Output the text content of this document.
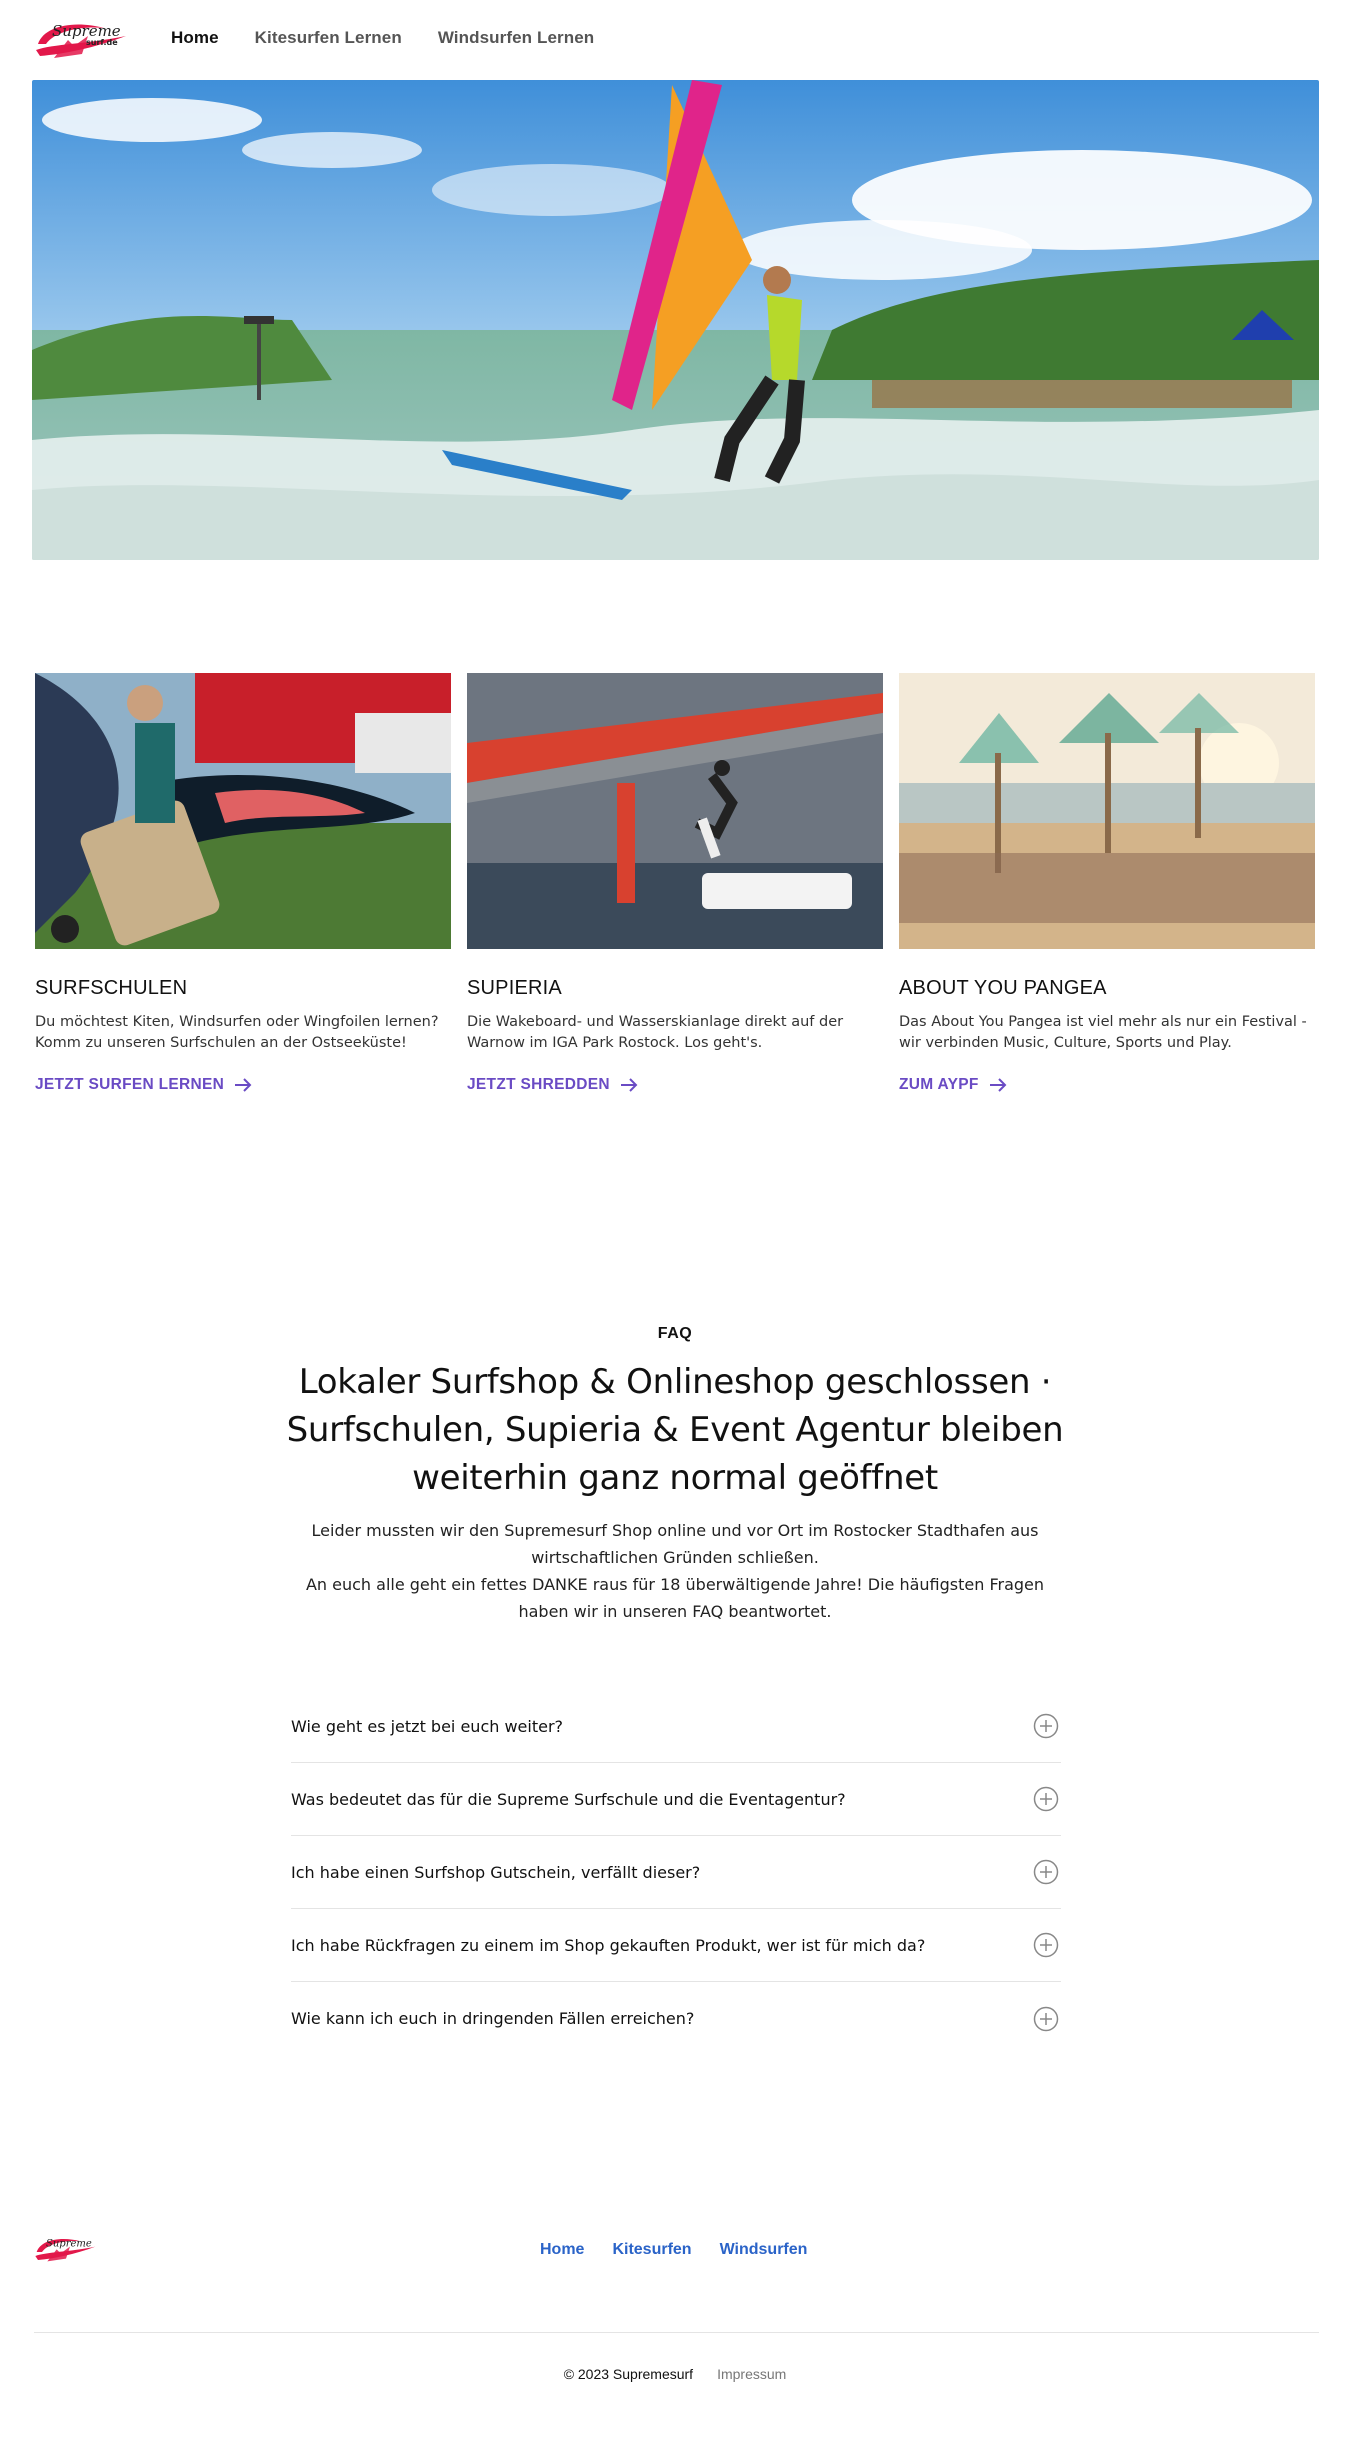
Supreme
surf.de	Home Kitesurfen Lernen Windsurfen Lernen
SURFSCHULEN

Du möchtest Kiten, Windsurfen oder Wingfoilen lernen? Komm zu unseren Surfschulen an der Ostseeküste!

JETZT SURFEN LERNEN
SUPIERIA

Die Wakeboard- und Wasserskianlage direkt auf der Warnow im IGA Park Rostock. Los geht's.

JETZT SHREDDEN
ABOUT YOU PANGEA

Das About You Pangea ist viel mehr als nur ein Festival - wir verbinden Music, Culture, Sports und Play.

ZUM AYPF
FAQ
Lokaler Surfshop & Onlineshop geschlossen · Surfschulen, Supieria & Event Agentur bleiben weiterhin ganz normal geöffnet
Leider mussten wir den Supremesurf Shop online und vor Ort im Rostocker Stadthafen aus wirtschaftlichen Gründen schließen.
An euch alle geht ein fettes DANKE raus für 18 überwältigende Jahre! Die häufigsten Fragen haben wir in unseren FAQ beantwortet.
Wie geht es jetzt bei euch weiter?
Was bedeutet das für die Supreme Surfschule und die Eventagentur?
Ich habe einen Surfshop Gutschein, verfällt dieser?
Ich habe Rückfragen zu einem im Shop gekauften Produkt, wer ist für mich da?
Wie kann ich euch in dringenden Fällen erreichen?
Supreme	Home Kitesurfen Windsurfen
© 2023 Supremesurf Impressum
